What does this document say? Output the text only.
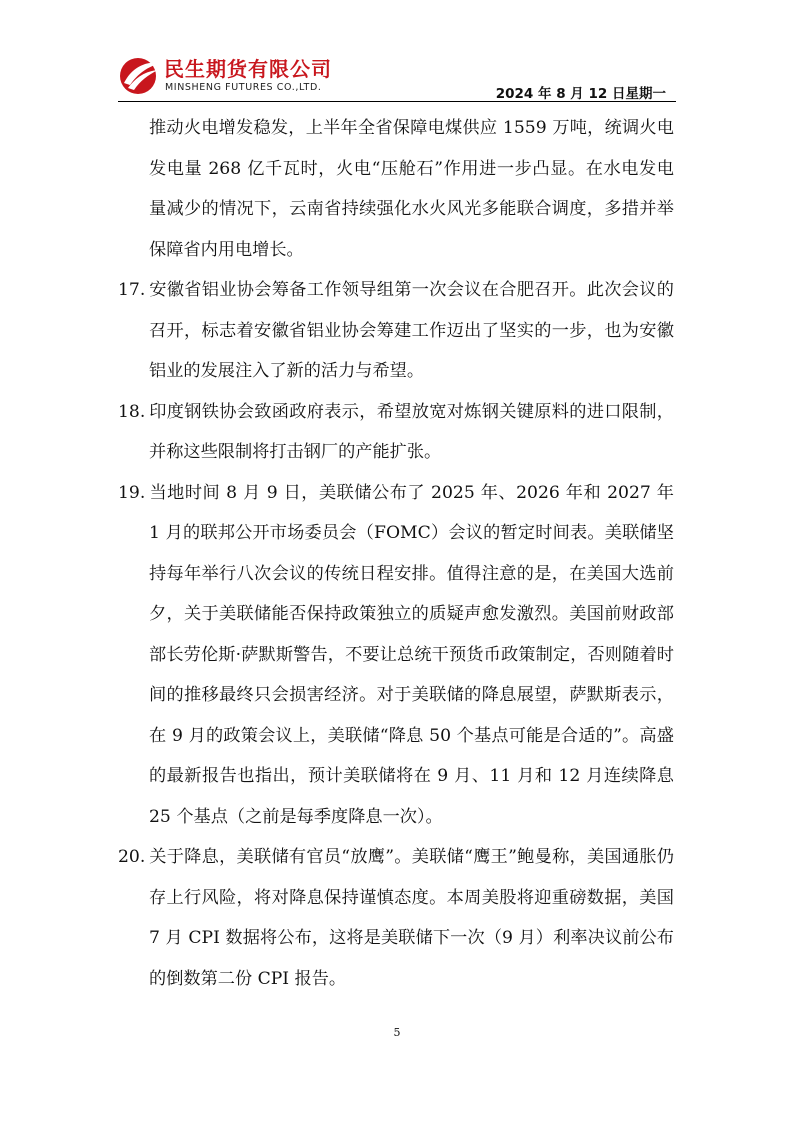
民生期货有限公司
MINSHENG FUTURES CO.,LTD.	2024 年 8 月 12 日星期一

推动火电增发稳发，上半年全省保障电煤供应 1559 万吨，统调火电发电量 268 亿千瓦时，火电“压舱石”作用进一步凸显。在水电发电量减少的情况下，云南省持续强化水火风光多能联合调度，多措并举保障省内用电增长。

17. 安徽省铝业协会筹备工作领导组第一次会议在合肥召开。此次会议的召开，标志着安徽省铝业协会筹建工作迈出了坚实的一步，也为安徽铝业的发展注入了新的活力与希望。

18. 印度钢铁协会致函政府表示，希望放宽对炼钢关键原料的进口限制，并称这些限制将打击钢厂的产能扩张。

19. 当地时间 8 月 9 日，美联储公布了 2025 年、2026 年和 2027 年 1 月的联邦公开市场委员会（FOMC）会议的暂定时间表。美联储坚持每年举行八次会议的传统日程安排。值得注意的是，在美国大选前夕，关于美联储能否保持政策独立的质疑声愈发激烈。美国前财政部部长劳伦斯·萨默斯警告，不要让总统干预货币政策制定，否则随着时间的推移最终只会损害经济。对于美联储的降息展望，萨默斯表示，在 9 月的政策会议上，美联储“降息 50 个基点可能是合适的”。高盛的最新报告也指出，预计美联储将在 9 月、11 月和 12 月连续降息 25 个基点（之前是每季度降息一次）。

20. 关于降息，美联储有官员“放鹰”。美联储“鹰王”鲍曼称，美国通胀仍存上行风险，将对降息保持谨慎态度。本周美股将迎重磅数据，美国 7 月 CPI 数据将公布，这将是美联储下一次（9 月）利率决议前公布的倒数第二份 CPI 报告。

5
